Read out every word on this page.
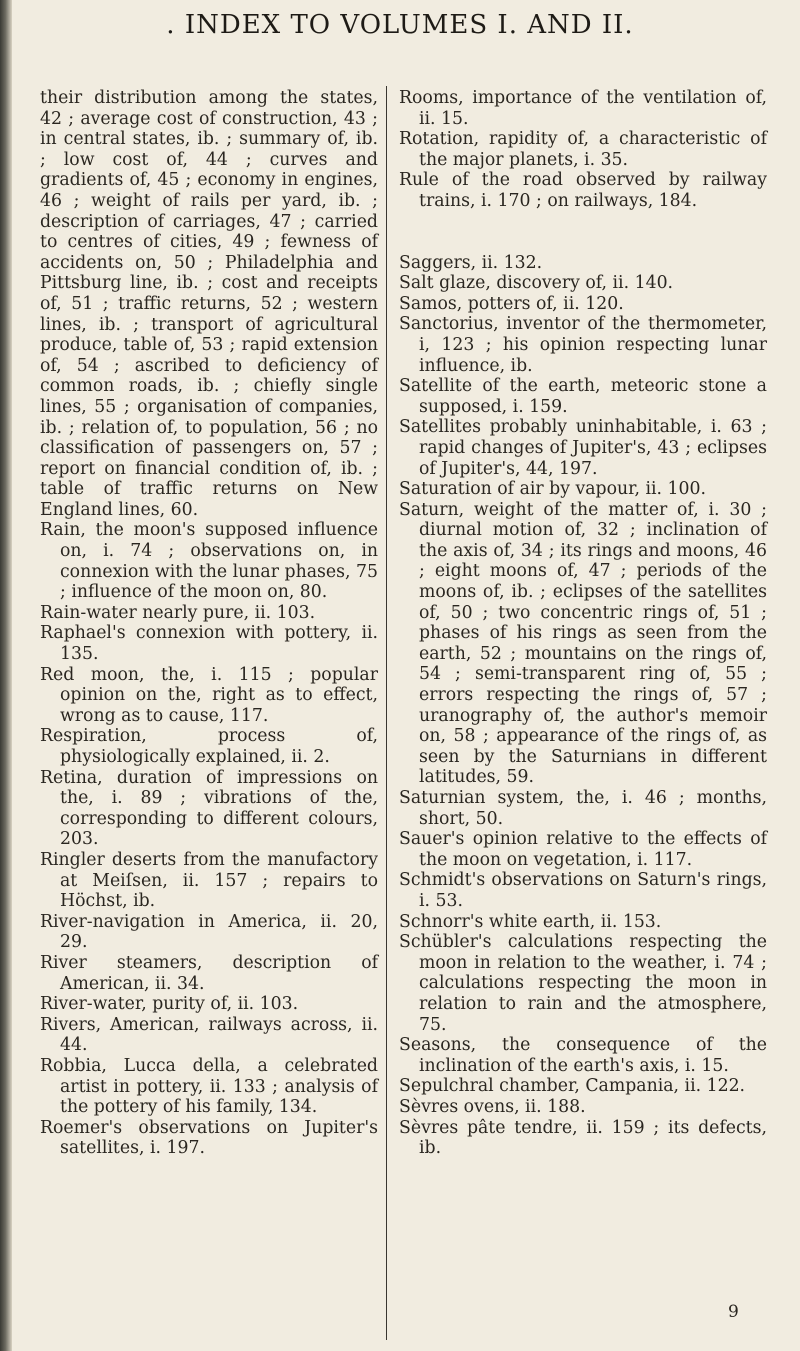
. INDEX TO VOLUMES I. AND II.

their distribution among the states, 42 ; average cost of construction, 43 ; in central states, ib. ; summary of, ib. ; low cost of, 44 ; curves and gradients of, 45 ; economy in engines, 46 ; weight of rails per yard, ib. ; description of carriages, 47 ; carried to centres of cities, 49 ; fewness of accidents on, 50 ; Philadelphia and Pittsburg line, ib. ; cost and receipts of, 51 ; traffic returns, 52 ; western lines, ib. ; transport of agricultural produce, table of, 53 ; rapid extension of, 54 ; ascribed to deficiency of common roads, ib. ; chiefly single lines, 55 ; organisation of companies, ib. ; relation of, to population, 56 ; no classification of passengers on, 57 ; report on financial condition of, ib. ; table of traffic returns on New England lines, 60.

Rain, the moon's supposed influence on, i. 74 ; observations on, in connexion with the lunar phases, 75 ; influence of the moon on, 80.

Rain-water nearly pure, ii. 103.

Raphael's connexion with pottery, ii. 135.

Red moon, the, i. 115 ; popular opinion on the, right as to effect, wrong as to cause, 117.

Respiration, process of, physiologically explained, ii. 2.

Retina, duration of impressions on the, i. 89 ; vibrations of the, corresponding to different colours, 203.

Ringler deserts from the manufactory at Meiſsen, ii. 157 ; repairs to Höchst, ib.

River-navigation in America, ii. 20, 29.

River steamers, description of American, ii. 34.

River-water, purity of, ii. 103.

Rivers, American, railways across, ii. 44.

Robbia, Lucca della, a celebrated artist in pottery, ii. 133 ; analysis of the pottery of his family, 134.

Roemer's observations on Jupiter's satellites, i. 197.

Rooms, importance of the ventilation of, ii. 15.

Rotation, rapidity of, a characteristic of the major planets, i. 35.

Rule of the road observed by railway trains, i. 170 ; on railways, 184.

Saggers, ii. 132.

Salt glaze, discovery of, ii. 140.

Samos, potters of, ii. 120.

Sanctorius, inventor of the thermometer, i, 123 ; his opinion respecting lunar influence, ib.

Satellite of the earth, meteoric stone a supposed, i. 159.

Satellites probably uninhabitable, i. 63 ; rapid changes of Jupiter's, 43 ; eclipses of Jupiter's, 44, 197.

Saturation of air by vapour, ii. 100.

Saturn, weight of the matter of, i. 30 ; diurnal motion of, 32 ; inclination of the axis of, 34 ; its rings and moons, 46 ; eight moons of, 47 ; periods of the moons of, ib. ; eclipses of the satellites of, 50 ; two concentric rings of, 51 ; phases of his rings as seen from the earth, 52 ; mountains on the rings of, 54 ; semi-transparent ring of, 55 ; errors respecting the rings of, 57 ; uranography of, the author's memoir on, 58 ; appearance of the rings of, as seen by the Saturnians in different latitudes, 59.

Saturnian system, the, i. 46 ; months, short, 50.

Sauer's opinion relative to the effects of the moon on vegetation, i. 117.

Schmidt's observations on Saturn's rings, i. 53.

Schnorr's white earth, ii. 153.

Schübler's calculations respecting the moon in relation to the weather, i. 74 ; calculations respecting the moon in relation to rain and the atmosphere, 75.

Seasons, the consequence of the inclination of the earth's axis, i. 15.

Sepulchral chamber, Campania, ii. 122.

Sèvres ovens, ii. 188.

Sèvres pâte tendre, ii. 159 ; its defects, ib.

9
